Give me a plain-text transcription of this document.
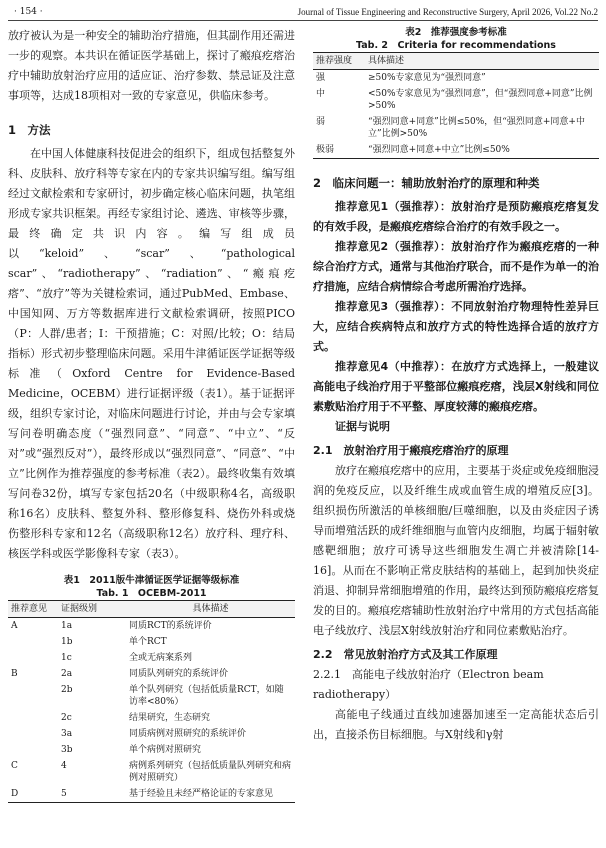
· 154 ·	Journal of Tissue Engineering and Reconstructive Surgery, April 2026, Vol.22 No.2

放疗被认为是一种安全的辅助治疗措施，但其副作用还需进一步的观察。本共识在循证医学基础上，探讨了瘢痕疙瘩治疗中辅助放射治疗应用的适应证、治疗参数、禁忌证及注意事项等，达成18项相对一致的专家意见，供临床参考。

1　方法

在中国人体健康科技促进会的组织下，组成包括整复外科、皮肤科、放疗科等专家在内的专家共识编写组。编写组经过文献检索和专家研讨，初步确定核心临床问题，执笔组形成专家共识框架。再经专家组讨论、遴选、审核等步骤，最终确定共识内容。编写组成员以“keloid”、“scar”、“pathological scar”、“radiotherapy”、“radiation”、“瘢痕疙瘩”、“放疗”等为关键检索词，通过PubMed、Embase、中国知网、万方等数据库进行文献检索调研，按照PICO（P：人群/患者；I：干预措施；C：对照/比较；O：结局指标）形式初步整理临床问题。采用牛津循证医学证据等级标准（Oxford Centre for Evidence-Based Medicine，OCEBM）进行证据评级（表1）。基于证据评级，组织专家讨论，对临床问题进行讨论，并由与会专家填写问卷明确态度（“强烈同意”、“同意”、“中立”、“反对”或“强烈反对”），最终形成以“强烈同意”、“同意”、“中立”比例作为推荐强度的参考标准（表2）。最终收集有效填写问卷32份，填写专家包括20名（中级职称4名，高级职称16名）皮肤科、整复外科、整形修复科、烧伤外科或烧伤整形科专家和12名（高级职称12名）放疗科、理疗科、核医学科或医学影像科专家（表3）。

表1　2011版牛津循证医学证据等级标准
Tab. 1　OCEBM-2011
推荐意见	证据级别	具体描述
A	1a	同质RCT的系统评价
	1b	单个RCT
	1c	全或无病案系列
B	2a	同质队列研究的系统评价
	2b	单个队列研究（包括低质量RCT，如随访率<80%）
	2c	结果研究，生态研究
	3a	同质病例对照研究的系统评价
	3b	单个病例对照研究
C	4	病例系列研究（包括低质量队列研究和病例对照研究）
D	5	基于经验且未经严格论证的专家意见
表2　推荐强度参考标准
Tab. 2　Criteria for recommendations
推荐强度	具体描述
强	≥50%专家意见为“强烈同意”
中	<50%专家意见为“强烈同意”，但“强烈同意+同意”比例>50%
弱	“强烈同意+同意”比例≤50%，但“强烈同意+同意+中立”比例>50%
极弱	“强烈同意+同意+中立”比例≤50%
2　临床问题一：辅助放射治疗的原理和种类

推荐意见1（强推荐）：放射治疗是预防瘢痕疙瘩复发的有效手段，是瘢痕疙瘩综合治疗的有效手段之一。

推荐意见2（强推荐）：放射治疗作为瘢痕疙瘩的一种综合治疗方式，通常与其他治疗联合，而不是作为单一的治疗措施，应结合病情综合考虑所需治疗选择。

推荐意见3（强推荐）：不同放射治疗物理特性差异巨大，应结合疾病特点和放疗方式的特性选择合适的放疗方式。

推荐意见4（中推荐）：在放疗方式选择上，一般建议高能电子线治疗用于平整部位瘢痕疙瘩，浅层X射线和同位素敷贴治疗用于不平整、厚度较薄的瘢痕疙瘩。

证据与说明

2.1　放射治疗用于瘢痕疙瘩治疗的原理

放疗在瘢痕疙瘩中的应用，主要基于炎症或免疫细胞浸润的免疫反应，以及纤维生成或血管生成的增殖反应[3]。组织损伤所激活的单核细胞/巨噬细胞，以及由炎症因子诱导而增殖活跃的成纤维细胞与血管内皮细胞，均属于辐射敏感靶细胞；放疗可诱导这些细胞发生凋亡并被清除[14-16]。从而在不影响正常皮肤结构的基础上，起到加快炎症消退、抑制异常细胞增殖的作用，最终达到预防瘢痕疙瘩复发的目的。瘢痕疙瘩辅助性放射治疗中常用的方式包括高能电子线放疗、浅层X射线放射治疗和同位素敷贴治疗。

2.2　常见放射治疗方式及其工作原理
2.2.1　高能电子线放射治疗（Electron beam radiotherapy）

高能电子线通过直线加速器加速至一定高能状态后引出，直接杀伤目标细胞。与X射线和γ射
